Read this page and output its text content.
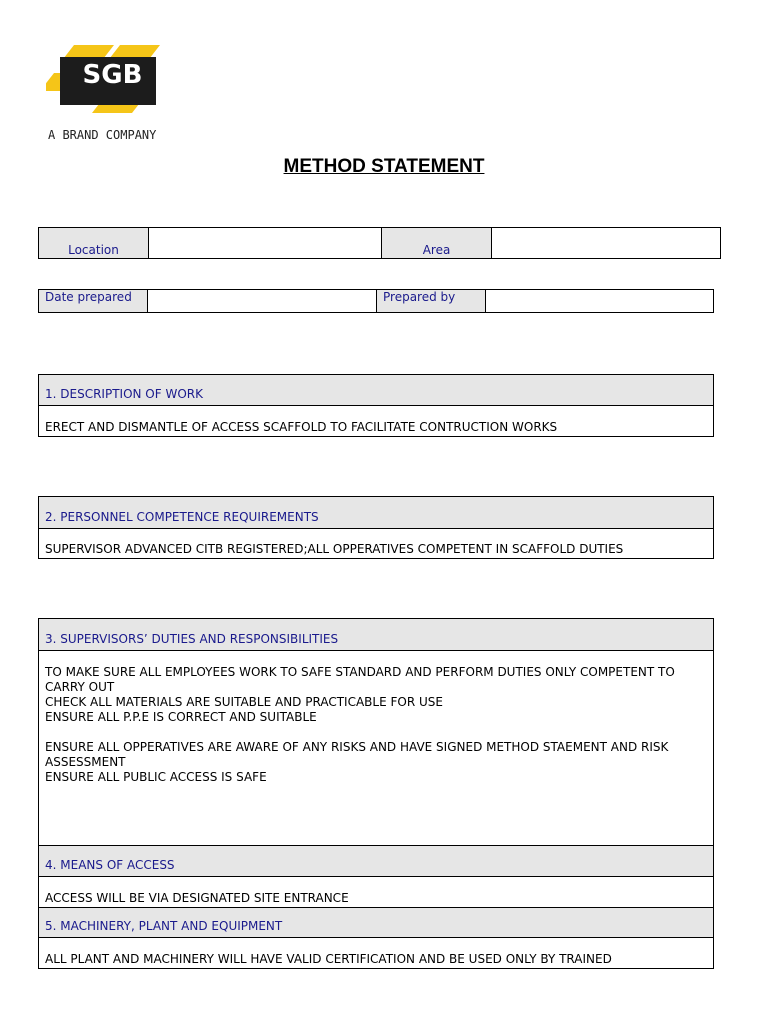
SGB
A BRAND COMPANY
METHOD STATEMENT
Location		Area	
Date prepared		Prepared by	
1. DESCRIPTION OF WORK

ERECT AND DISMANTLE OF ACCESS SCAFFOLD TO FACILITATE CONTRUCTION WORKS

2. PERSONNEL COMPETENCE REQUIREMENTS

SUPERVISOR ADVANCED CITB REGISTERED;ALL OPPERATIVES COMPETENT IN SCAFFOLD DUTIES

3. SUPERVISORS’ DUTIES AND RESPONSIBILITIES

TO MAKE SURE ALL EMPLOYEES WORK TO SAFE STANDARD AND PERFORM DUTIES ONLY COMPETENT TO CARRY OUT

CHECK ALL MATERIALS ARE SUITABLE AND PRACTICABLE FOR USE

ENSURE ALL P.P.E IS CORRECT AND SUITABLE

ENSURE ALL OPPERATIVES ARE AWARE OF ANY RISKS AND HAVE SIGNED METHOD STAEMENT AND RISK ASSESSMENT

ENSURE ALL PUBLIC ACCESS IS SAFE

4. MEANS OF ACCESS

ACCESS WILL BE VIA DESIGNATED SITE ENTRANCE

5. MACHINERY, PLANT AND EQUIPMENT

ALL PLANT AND MACHINERY WILL HAVE VALID CERTIFICATION AND BE USED ONLY BY TRAINED
